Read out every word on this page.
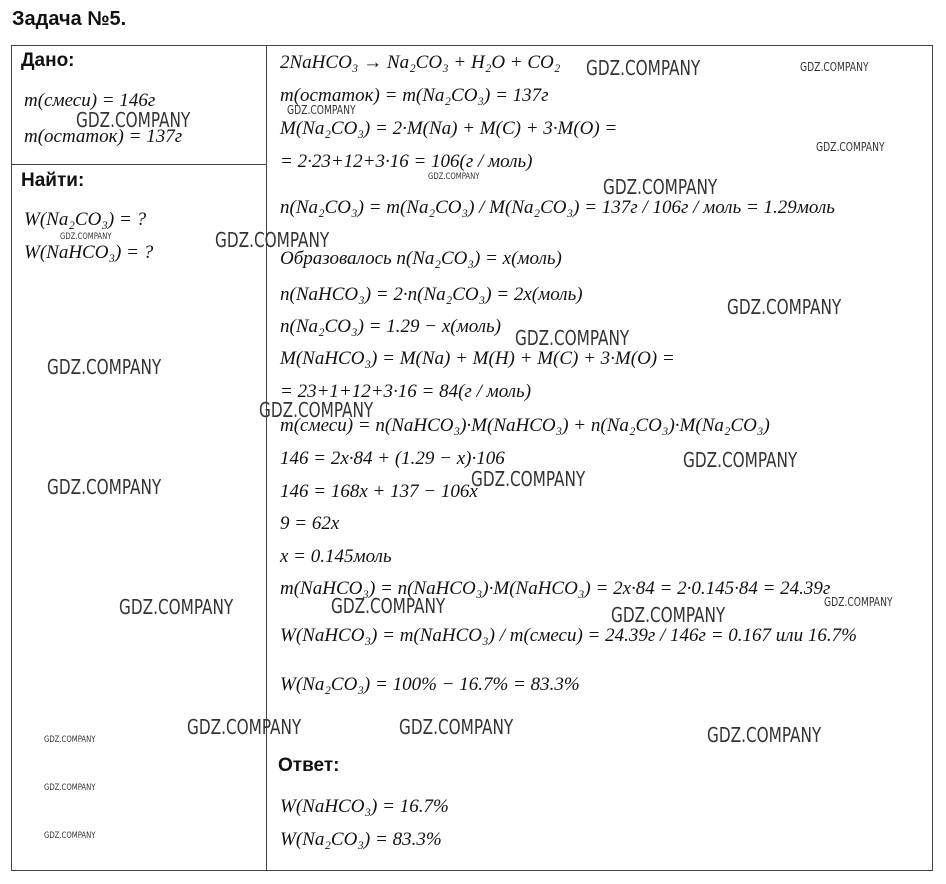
Задача №5.
Дано:
m(смеси) = 146г
m(остаток) = 137г
Найти:
W(Na₂CO₃) = ?
W(NaHCO₃) = ?
2NaHCO₃ → Na₂CO₃ + H₂O + CO₂
m(остаток) = m(Na₂CO₃) = 137г
M(Na₂CO₃) = 2·M(Na) + M(C) + 3·M(O) =
= 2·23+12+3·16 = 106(г / моль)
n(Na₂CO₃) = m(Na₂CO₃) / M(Na₂CO₃) = 137г / 106г / моль = 1.29моль
Образовалось n(Na₂CO₃) = x(моль)
n(NaHCO₃) = 2·n(Na₂CO₃) = 2x(моль)
n(Na₂CO₃) = 1.29 − x(моль)
M(NaHCO₃) = M(Na) + M(H) + M(C) + 3·M(O) =
= 23+1+12+3·16 = 84(г / моль)
m(смеси) = n(NaHCO₃)·M(NaHCO₃) + n(Na₂CO₃)·M(Na₂CO₃)
146 = 2x·84 + (1.29 − x)·106
146 = 168x + 137 − 106x
9 = 62x
x = 0.145моль
m(NaHCO₃) = n(NaHCO₃)·M(NaHCO₃) = 2x·84 = 2·0.145·84 = 24.39г
W(NaHCO₃) = m(NaHCO₃) / m(смеси) = 24.39г / 146г = 0.167 или 16.7%
W(Na₂CO₃) = 100% − 16.7% = 83.3%
Ответ:
W(NaHCO₃) = 16.7%
W(Na₂CO₃) = 83.3%
GDZ.COMPANY	GDZ.COMPANY
GDZ.COMPANY	GDZ.COMPANY
GDZ.COMPANY
GDZ.COMPANY	GDZ.COMPANY
GDZ.COMPANY
GDZ.COMPANY
GDZ.COMPANY
GDZ.COMPANY
GDZ.COMPANY
GDZ.COMPANY
GDZ.COMPANY
GDZ.COMPANY
GDZ.COMPANY
GDZ.COMPANY
GDZ.COMPANY	GDZ.COMPANY
GDZ.COMPANY
GDZ.COMPANY	GDZ.COMPANY	GDZ.COMPANY
GDZ.COMPANY
GDZ.COMPANY
GDZ.COMPANY
